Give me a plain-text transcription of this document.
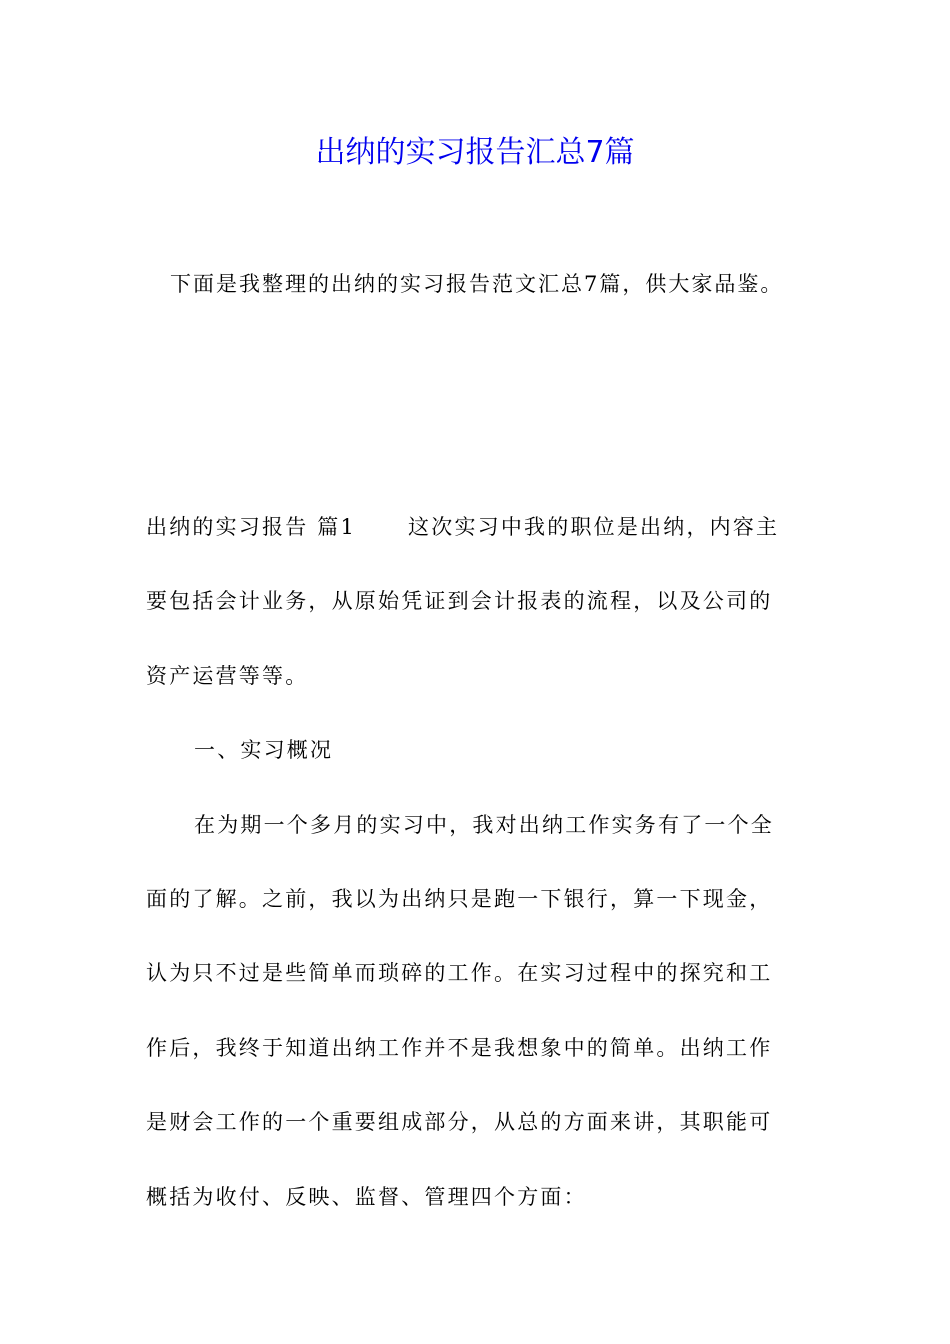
出纳的实习报告汇总7篇

下面是我整理的出纳的实习报告范文汇总7篇，供大家品鉴。

出纳的实习报告 篇1 这次实习中我的职位是出纳，内容主
要包括会计业务，从原始凭证到会计报表的流程，以及公司的
资产运营等等。
一、实习概况
在为期一个多月的实习中，我对出纳工作实务有了一个全
面的了解。之前，我以为出纳只是跑一下银行，算一下现金，
认为只不过是些简单而琐碎的工作。在实习过程中的探究和工
作后，我终于知道出纳工作并不是我想象中的简单。出纳工作
是财会工作的一个重要组成部分，从总的方面来讲，其职能可
概括为收付、反映、监督、管理四个方面：
